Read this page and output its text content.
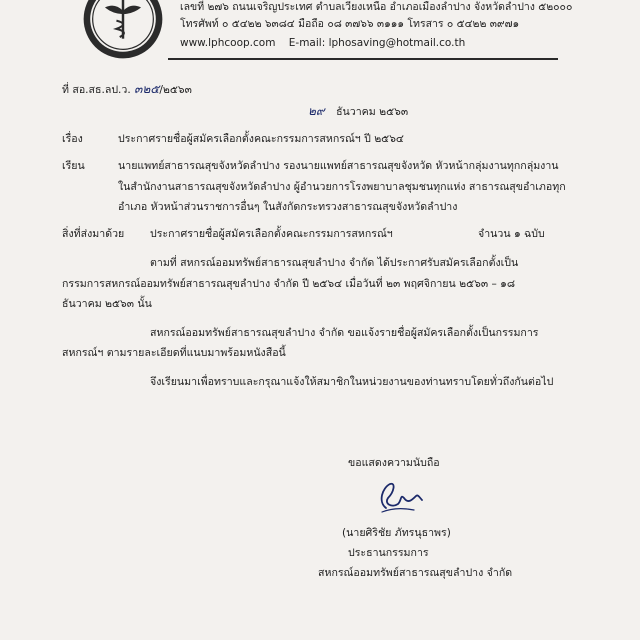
เลขที่ ๒๗๖ ถนนเจริญประเทศ ตำบลเวียงเหนือ อำเภอเมืองลำปาง จังหวัดลำปาง ๕๒๐๐๐
โทรศัพท์ ๐ ๕๔๒๒ ๖๓๘๔ มือถือ ๐๘ ๓๗๖๖ ๓๑๑๑ โทรสาร ๐ ๕๔๒๒ ๓๙๗๑
www.lphcoop.com E-mail: lphosaving@hotmail.co.th
ที่ สอ.สธ.ลป.ว. ๓๒๕/๒๕๖๓
๒๙ ธันวาคม ๒๕๖๓
เรื่อง	ประกาศรายชื่อผู้สมัครเลือกตั้งคณะกรรมการสหกรณ์ฯ ปี ๒๕๖๔
เรียน	นายแพทย์สาธารณสุขจังหวัดลำปาง รองนายแพทย์สาธารณสุขจังหวัด หัวหน้ากลุ่มงานทุกกลุ่มงาน
ในสำนักงานสาธารณสุขจังหวัดลำปาง ผู้อำนวยการโรงพยาบาลชุมชนทุกแห่ง สาธารณสุขอำเภอทุก
อำเภอ หัวหน้าส่วนราชการอื่นๆ ในสังกัดกระทรวงสาธารณสุขจังหวัดลำปาง
สิ่งที่ส่งมาด้วย ประกาศรายชื่อผู้สมัครเลือกตั้งคณะกรรมการสหกรณ์ฯ	จำนวน ๑ ฉบับ
ตามที่ สหกรณ์ออมทรัพย์สาธารณสุขลำปาง จำกัด ได้ประกาศรับสมัครเลือกตั้งเป็น
กรรมการสหกรณ์ออมทรัพย์สาธารณสุขลำปาง จำกัด ปี ๒๕๖๔ เมื่อวันที่ ๒๓ พฤศจิกายน ๒๕๖๓ – ๑๘
ธันวาคม ๒๕๖๓ นั้น
สหกรณ์ออมทรัพย์สาธารณสุขลำปาง จำกัด ขอแจ้งรายชื่อผู้สมัครเลือกตั้งเป็นกรรมการ
สหกรณ์ฯ ตามรายละเอียดที่แนบมาพร้อมหนังสือนี้
จึงเรียนมาเพื่อทราบและกรุณาแจ้งให้สมาชิกในหน่วยงานของท่านทราบโดยทั่วถึงกันต่อไป
ขอแสดงความนับถือ
(นายศิริชัย ภัทรนุธาพร)
ประธานกรรมการ
สหกรณ์ออมทรัพย์สาธารณสุขลำปาง จำกัด
